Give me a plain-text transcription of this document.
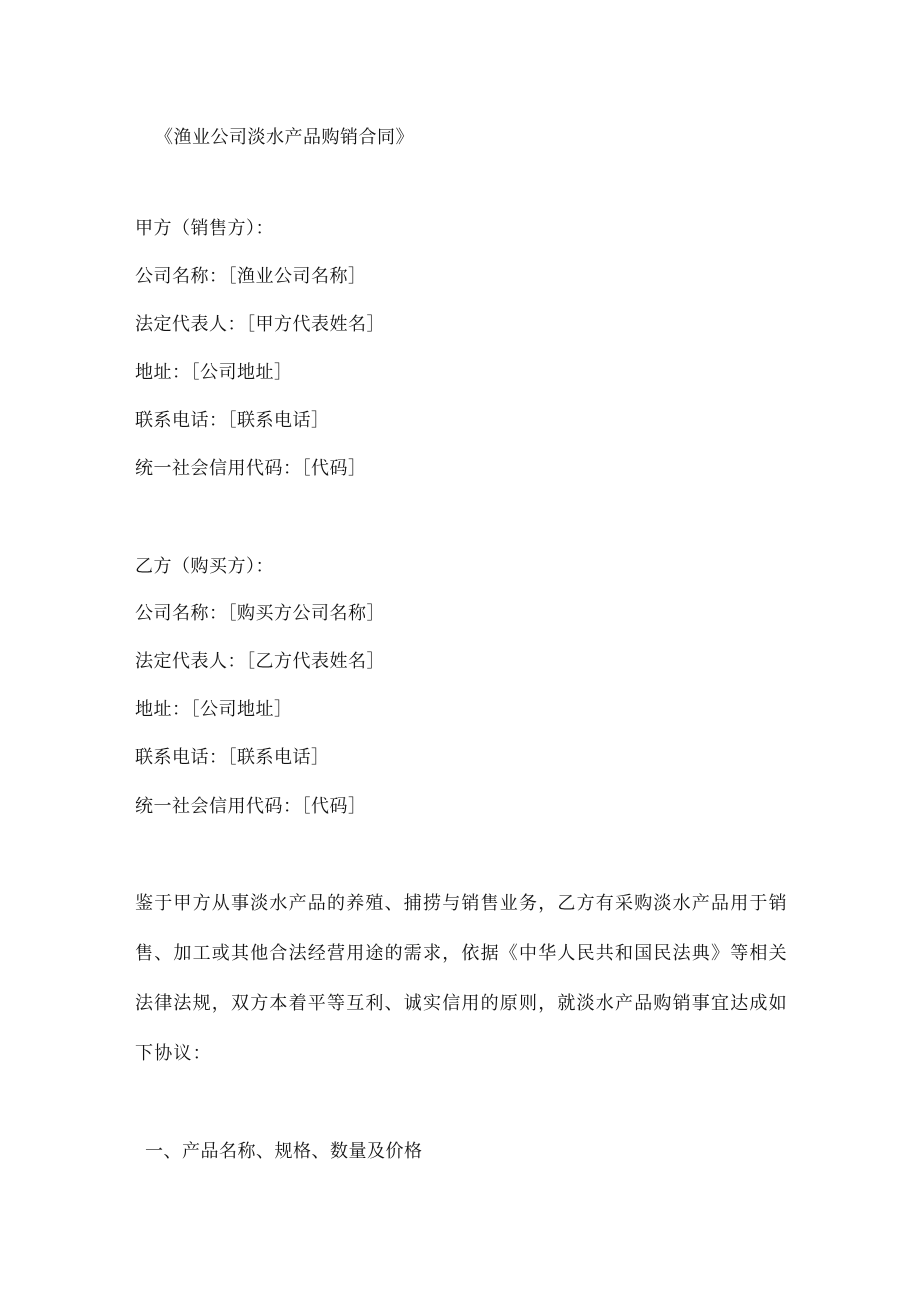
《渔业公司淡水产品购销合同》
甲方（销售方）：
公司名称：［渔业公司名称］
法定代表人：［甲方代表姓名］
地址：［公司地址］
联系电话：［联系电话］
统一社会信用代码：［代码］
乙方（购买方）：
公司名称：［购买方公司名称］
法定代表人：［乙方代表姓名］
地址：［公司地址］
联系电话：［联系电话］
统一社会信用代码：［代码］
鉴于甲方从事淡水产品的养殖、捕捞与销售业务，乙方有采购淡水产品用于销
售、加工或其他合法经营用途的需求，依据《中华人民共和国民法典》等相关
法律法规，双方本着平等互利、诚实信用的原则，就淡水产品购销事宜达成如
下协议：
一、产品名称、规格、数量及价格
